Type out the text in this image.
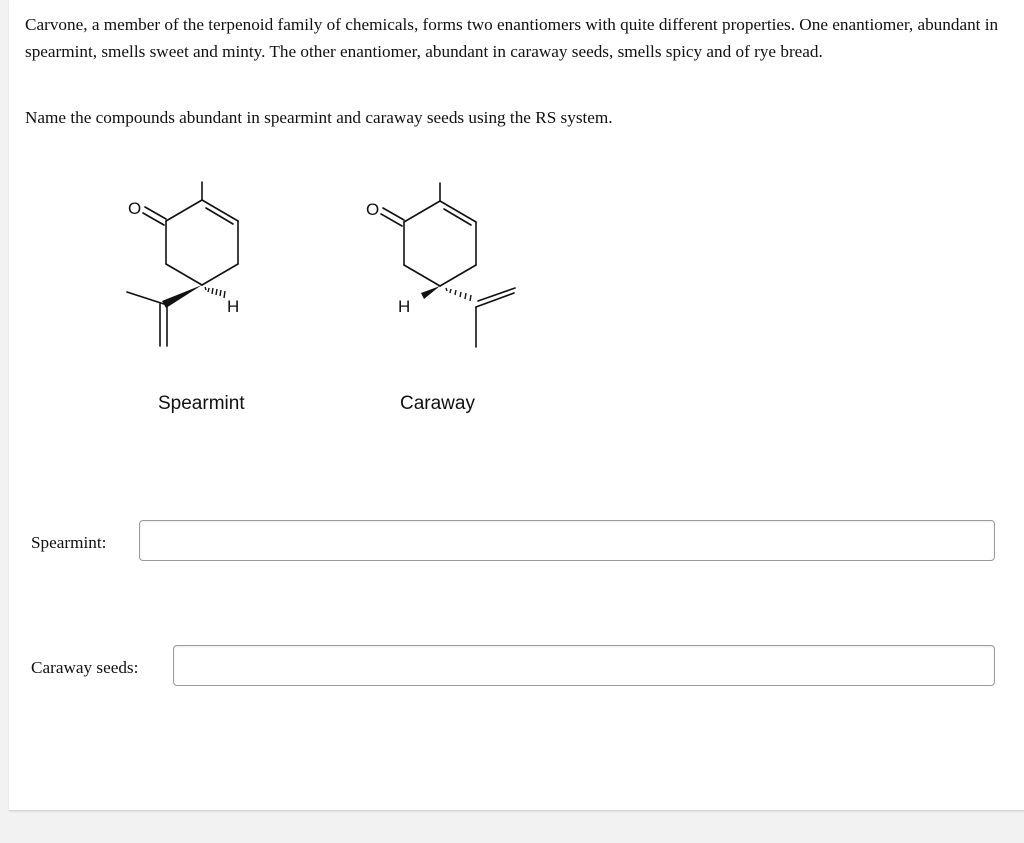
Carvone, a member of the terpenoid family of chemicals, forms two enantiomers with quite different properties. One enantiomer, abundant in spearmint, smells sweet and minty. The other enantiomer, abundant in caraway seeds, smells spicy and of rye bread.

Name the compounds abundant in spearmint and caraway seeds using the RS system.

O
H
O
H
Spearmint	Caraway
Spearmint:
Caraway seeds:
